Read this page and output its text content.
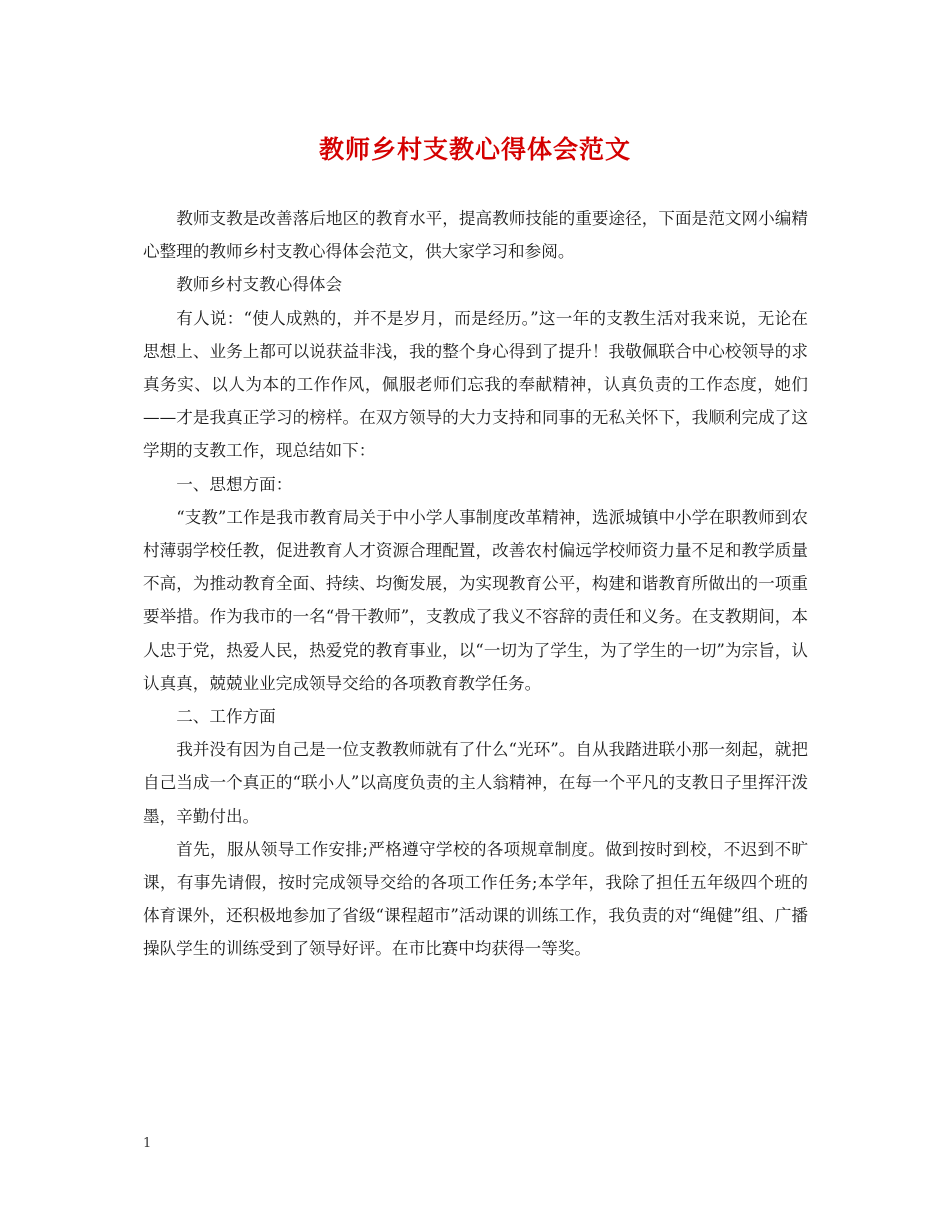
教师乡村支教心得体会范文

教师支教是改善落后地区的教育水平，提高教师技能的重要途径，下面是范文网小编精心整理的教师乡村支教心得体会范文，供大家学习和参阅。

教师乡村支教心得体会

有人说：“使人成熟的，并不是岁月，而是经历。”这一年的支教生活对我来说，无论在思想上、业务上都可以说获益非浅，我的整个身心得到了提升！我敬佩联合中心校领导的求真务实、以人为本的工作作风，佩服老师们忘我的奉献精神，认真负责的工作态度，她们——才是我真正学习的榜样。在双方领导的大力支持和同事的无私关怀下，我顺利完成了这学期的支教工作，现总结如下：

一、思想方面：

“支教”工作是我市教育局关于中小学人事制度改革精神，选派城镇中小学在职教师到农村薄弱学校任教，促进教育人才资源合理配置，改善农村偏远学校师资力量不足和教学质量不高，为推动教育全面、持续、均衡发展，为实现教育公平，构建和谐教育所做出的一项重要举措。作为我市的一名“骨干教师”，支教成了我义不容辞的责任和义务。在支教期间，本人忠于党，热爱人民，热爱党的教育事业，以“一切为了学生，为了学生的一切”为宗旨，认认真真，兢兢业业完成领导交给的各项教育教学任务。

二、工作方面

我并没有因为自己是一位支教教师就有了什么“光环”。自从我踏进联小那一刻起，就把自己当成一个真正的“联小人”以高度负责的主人翁精神，在每一个平凡的支教日子里挥汗泼墨，辛勤付出。

首先，服从领导工作安排;严格遵守学校的各项规章制度。做到按时到校，不迟到不旷课，有事先请假，按时完成领导交给的各项工作任务;本学年，我除了担任五年级四个班的体育课外，还积极地参加了省级“课程超市”活动课的训练工作，我负责的对“绳健”组、广播操队学生的训练受到了领导好评。在市比赛中均获得一等奖。

1
